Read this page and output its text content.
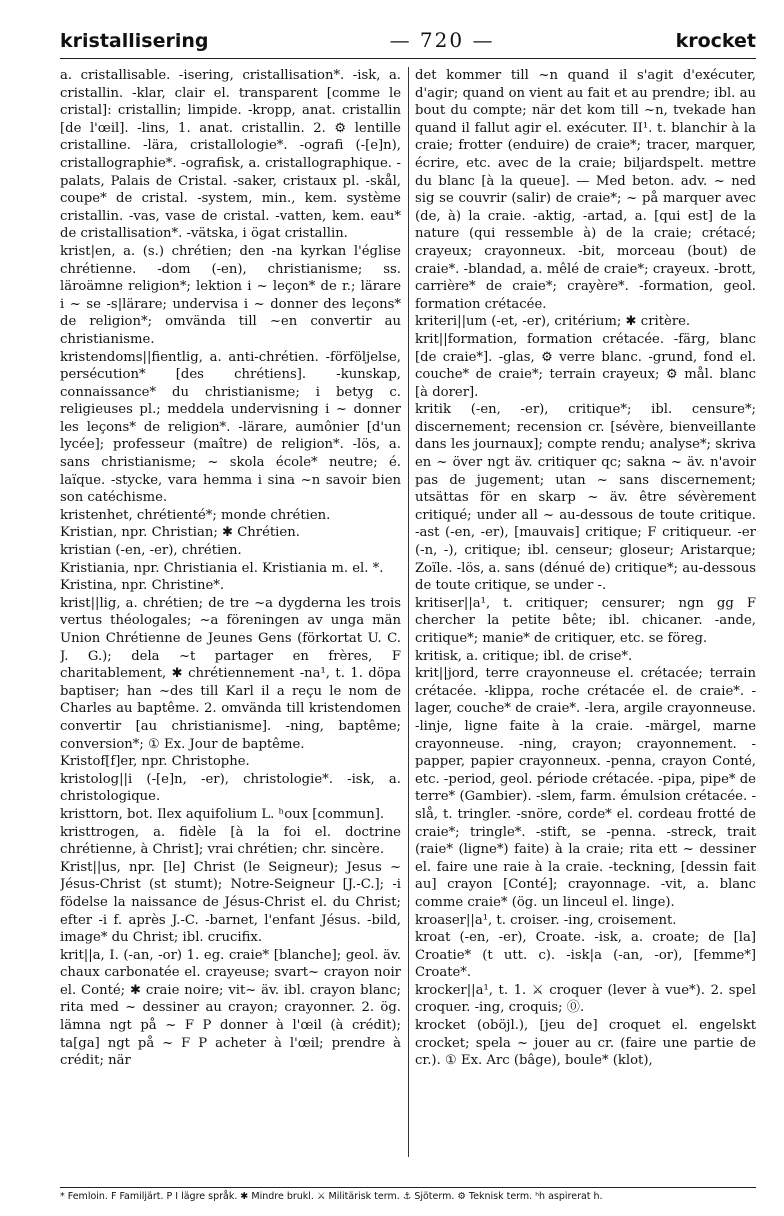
kristallisering	— 720 —	krocket

a. cristallisable. -isering, cristallisation*. -isk, a. cristallin. -klar, clair el. transparent [comme le cristal]: cristallin; limpide. -kropp, anat. cristallin [de l'œil]. -lins, 1. anat. cristallin. 2. ⚙ lentille cristalline. -lära, cristallologie*. -ografi (-[e]n), cristallographie*. -ografisk, a. cristallographique. -palats, Palais de Cristal. -saker, cristaux pl. -skål, coupe* de cristal. -system, min., kem. système cristallin. -vas, vase de cristal. -vatten, kem. eau* de cristallisation*. -vätska, i ögat cristallin.

krist|en, a. (s.) chrétien; den -na kyrkan l'église chrétienne. -dom (-en), christianisme; ss. läroämne religion*; lektion i ~ leçon* de r.; lärare i ~ se -s|lärare; undervisa i ~ donner des leçons* de religion*; omvända till ~en convertir au christianisme.

kristendoms||fientlig, a. anti-chrétien. -förföljelse, persécution* [des chrétiens]. -kunskap, connaissance* du christianisme; i betyg c. religieuses pl.; meddela undervisning i ~ donner les leçons* de religion*. -lärare, aumônier [d'un lycée]; professeur (maître) de religion*. -lös, a. sans christianisme; ~ skola école* neutre; é. laïque. -stycke, vara hemma i sina ~n savoir bien son catéchisme.

kristenhet, chrétienté*; monde chrétien.

Kristian, npr. Christian; ✱ Chrétien.

kristian (-en, -er), chrétien.

Kristiania, npr. Christiania el. Kristiania m. el. *.

Kristina, npr. Christine*.

krist||lig, a. chrétien; de tre ~a dygderna les trois vertus théologales; ~a föreningen av unga män Union Chrétienne de Jeunes Gens (förkortat U. C. J. G.); dela ~t partager en frères, F charitablement, ✱ chrétiennement -na¹, t. 1. döpa baptiser; han ~des till Karl il a reçu le nom de Charles au baptême. 2. omvända till kristendomen convertir [au christianisme]. -ning, baptême; conversion*; ① Ex. Jour de baptême.

Kristof[f]er, npr. Christophe.

kristolog||i (-[e]n, -er), christologie*. -isk, a. christologique.

kristtorn, bot. Ilex aquifolium L. ʰoux [commun].

kristtrogen, a. fidèle [à la foi el. doctrine chrétienne, à Christ]; vrai chrétien; chr. sincère.

Krist||us, npr. [le] Christ (le Seigneur); Jesus ~ Jésus-Christ (st stumt); Notre-Seigneur [J.-C.]; -i födelse la naissance de Jésus-Christ el. du Christ; efter -i f. après J.-C. -barnet, l'enfant Jésus. -bild, image* du Christ; ibl. crucifix.

krit||a, I. (-an, -or) 1. eg. craie* [blanche]; geol. äv. chaux carbonatée el. crayeuse; svart~ crayon noir el. Conté; ✱ craie noire; vit~ äv. ibl. crayon blanc; rita med ~ dessiner au crayon; crayonner. 2. ög. lämna ngt på ~ F P donner à l'œil (à crédit); ta[ga] ngt på ~ F P acheter à l'œil; prendre à crédit; när

det kommer till ~n quand il s'agit d'exécuter, d'agir; quand on vient au fait et au prendre; ibl. au bout du compte; när det kom till ~n, tvekade han quand il fallut agir el. exécuter. II¹. t. blanchir à la craie; frotter (enduire) de craie*; tracer, marquer, écrire, etc. avec de la craie; biljardspelt. mettre du blanc [à la queue]. — Med beton. adv. ~ ned sig se couvrir (salir) de craie*; ~ på marquer avec (de, à) la craie. -aktig, -artad, a. [qui est] de la nature (qui ressemble à) de la craie; crétacé; crayeux; crayonneux. -bit, morceau (bout) de craie*. -blandad, a. mêlé de craie*; crayeux. -brott, carrière* de craie*; crayère*. -formation, geol. formation crétacée.

kriteri||um (-et, -er), critérium; ✱ critère.

krit||formation, formation crétacée. -färg, blanc [de craie*]. -glas, ⚙ verre blanc. -grund, fond el. couche* de craie*; terrain crayeux; ⚙ mål. blanc [à dorer].

kritik (-en, -er), critique*; ibl. censure*; discernement; recension cr. [sévère, bienveillante dans les journaux]; compte rendu; analyse*; skriva en ~ över ngt äv. critiquer qc; sakna ~ äv. n'avoir pas de jugement; utan ~ sans discernement; utsättas för en skarp ~ äv. être sévèrement critiqué; under all ~ au-dessous de toute critique. -ast (-en, -er), [mauvais] critique; F critiqueur. -er (-n, -), critique; ibl. censeur; gloseur; Aristarque; Zoïle. -lös, a. sans (dénué de) critique*; au-dessous de toute critique, se under -.

kritiser||a¹, t. critiquer; censurer; ngn gg F chercher la petite bête; ibl. chicaner. -ande, critique*; manie* de critiquer, etc. se föreg.

kritisk, a. critique; ibl. de crise*.

krit||jord, terre crayonneuse el. crétacée; terrain crétacée. -klippa, roche crétacée el. de craie*. -lager, couche* de craie*. -lera, argile crayonneuse. -linje, ligne faite à la craie. -märgel, marne crayonneuse. -ning, crayon; crayonnement. -papper, papier crayonneux. -penna, crayon Conté, etc. -period, geol. période crétacée. -pipa, pipe* de terre* (Gambier). -slem, farm. émulsion crétacée. -slå, t. tringler. -snöre, corde* el. cordeau frotté de craie*; tringle*. -stift, se -penna. -streck, trait (raie* (ligne*) faite) à la craie; rita ett ~ dessiner el. faire une raie à la craie. -teckning, [dessin fait au] crayon [Conté]; crayonnage. -vit, a. blanc comme craie* (ög. un linceul el. linge).

kroaser||a¹, t. croiser. -ing, croisement.

kroat (-en, -er), Croate. -isk, a. croate; de [la] Croatie* (t utt. c). -isk|a (-an, -or), [femme*] Croate*.

krocker||a¹, t. 1. ⚔ croquer (lever à vue*). 2. spel croquer. -ing, croquis; ⓪.

krocket (oböjl.), [jeu de] croquet el. engelskt crocket; spela ~ jouer au cr. (faire une partie de cr.). ① Ex. Arc (bâge), boule* (klot),

* Femloin. F Familjärt. P I lägre språk. ✱ Mindre brukl. ⚔ Militärisk term. ⚓ Sjöterm. ⚙ Teknisk term. ʰh aspirerat h.
